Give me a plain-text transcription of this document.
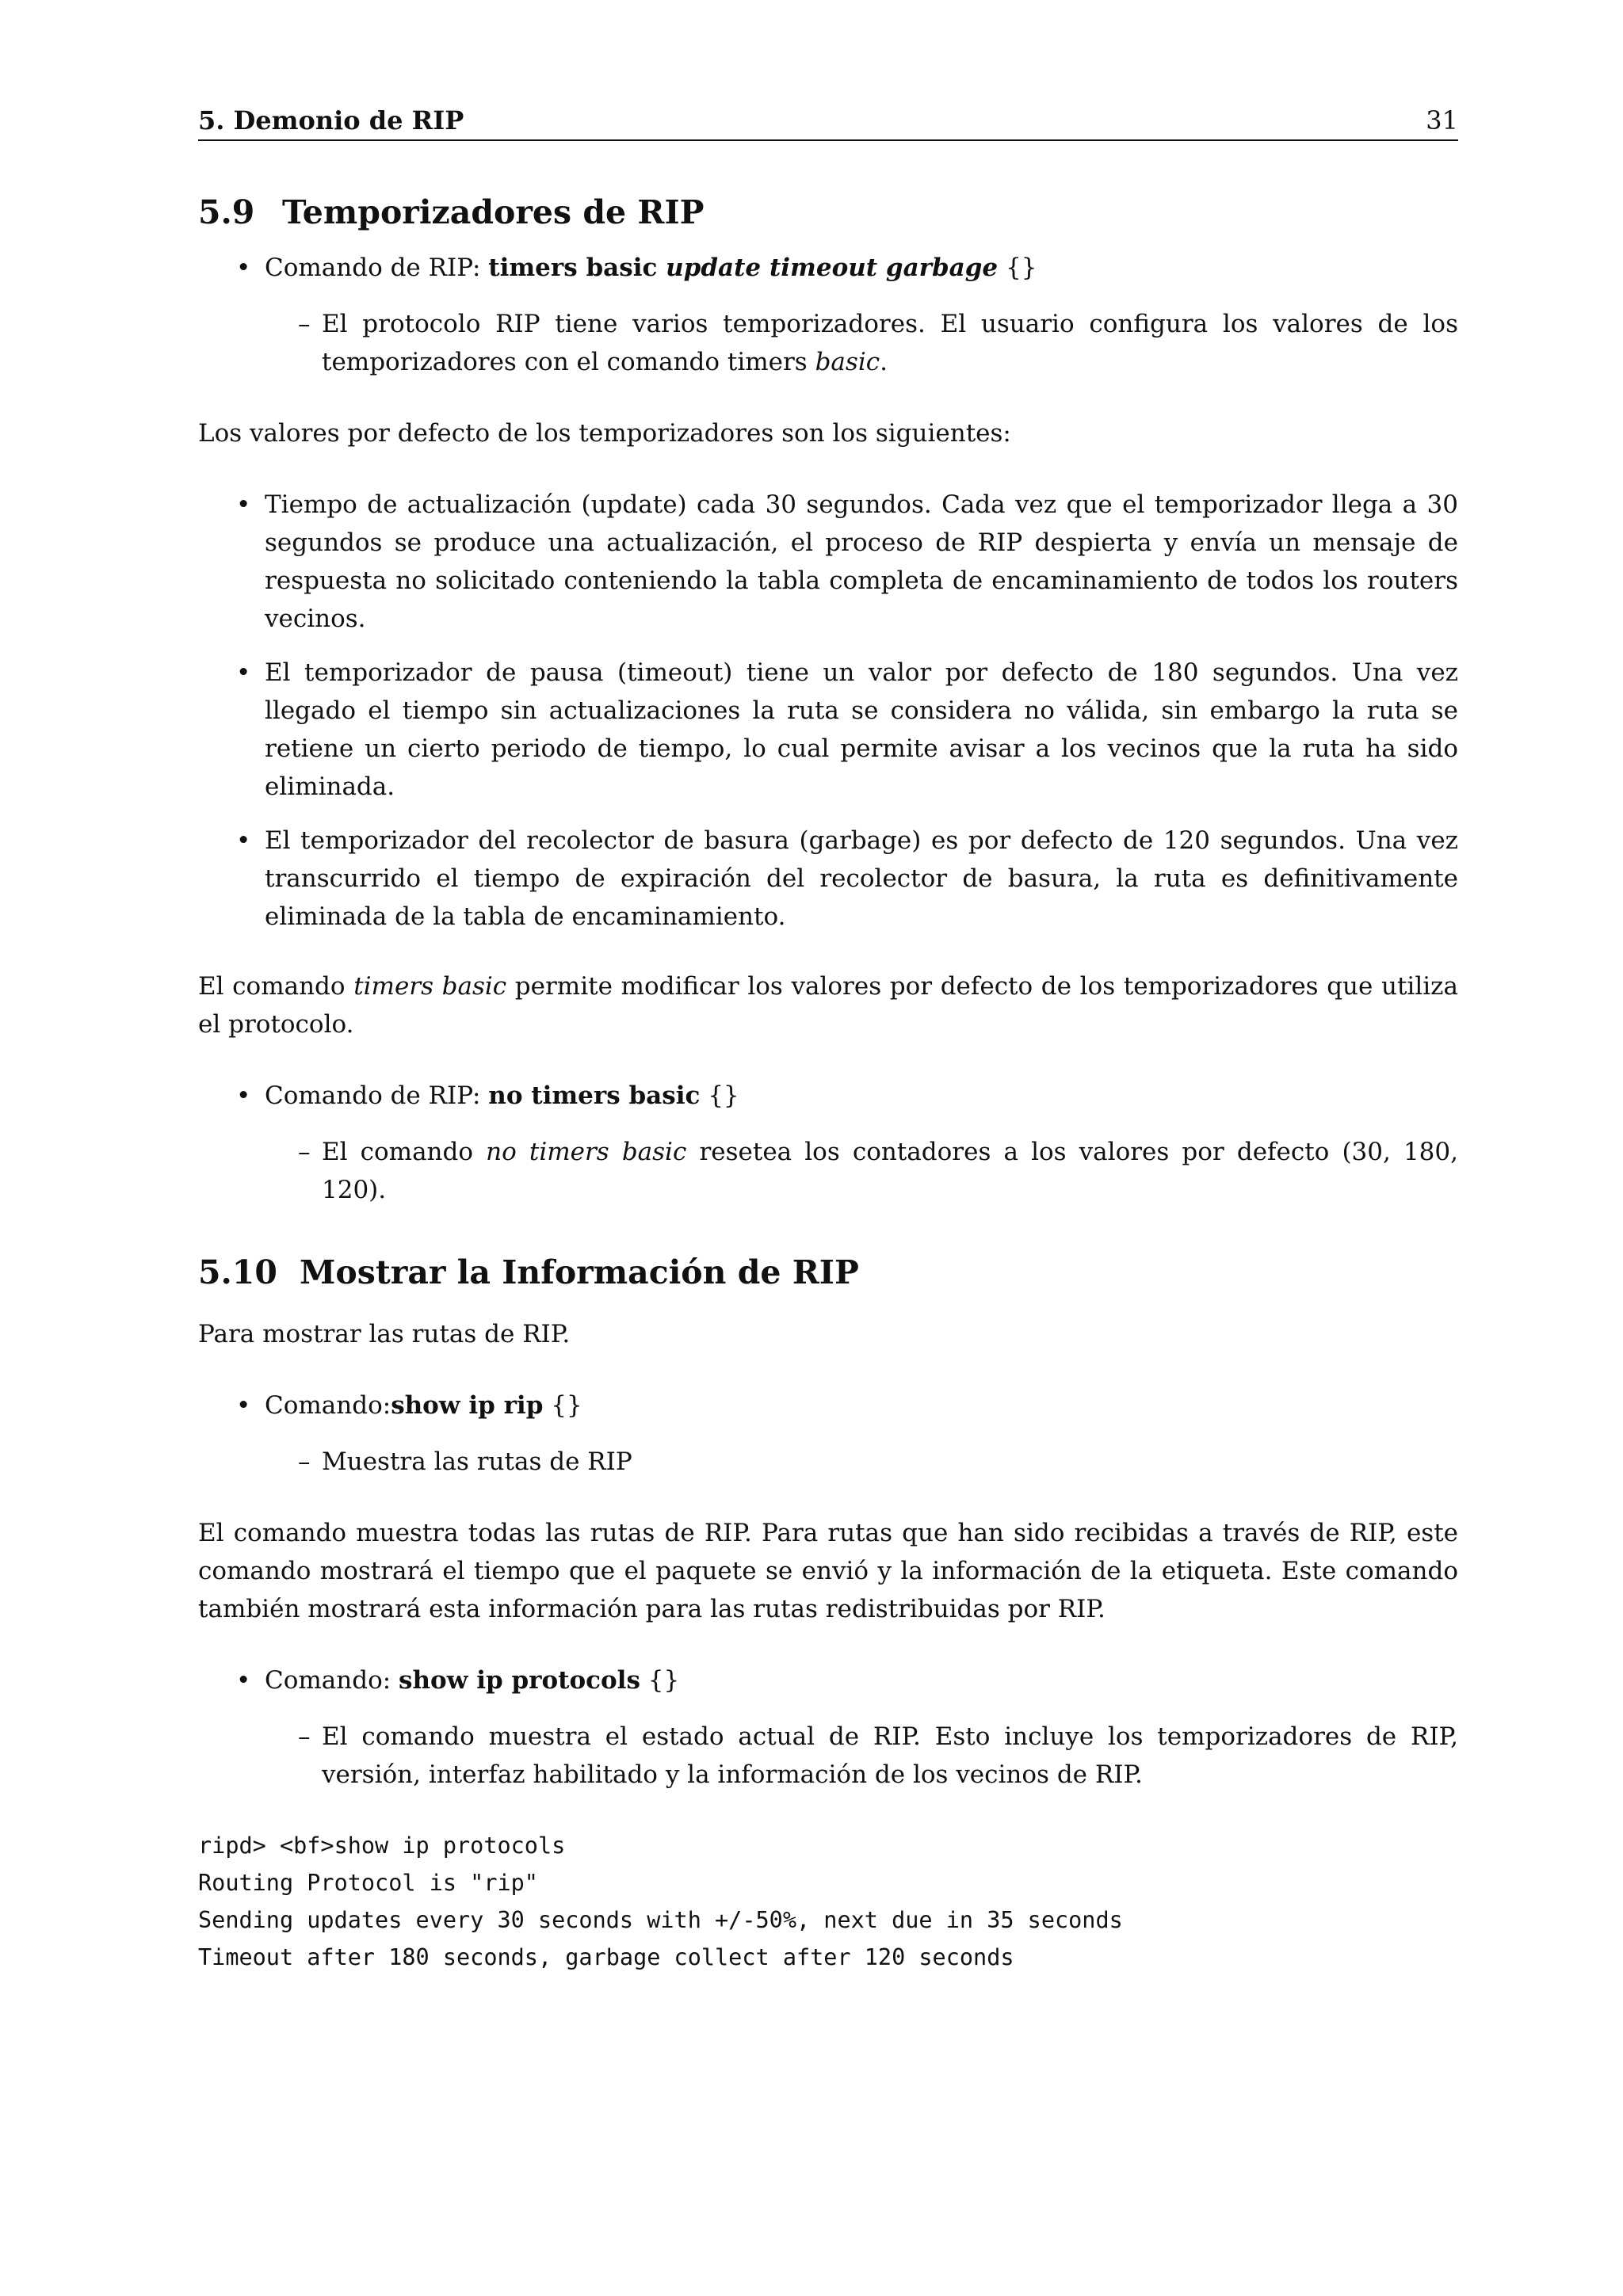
5. Demonio de RIP	31
5.9 Temporizadores de RIP
• Comando de RIP: timers basic update timeout garbage {}
– El protocolo RIP tiene varios temporizadores. El usuario configura los valores de los temporizadores con el comando timers basic.

Los valores por defecto de los temporizadores son los siguientes:

• Tiempo de actualización (update) cada 30 segundos. Cada vez que el temporizador llega a 30 segundos se produce una actualización, el proceso de RIP despierta y envía un mensaje de respuesta no solicitado conteniendo la tabla completa de encaminamiento de todos los routers vecinos.
• El temporizador de pausa (timeout) tiene un valor por defecto de 180 segundos. Una vez llegado el tiempo sin actualizaciones la ruta se considera no válida, sin embargo la ruta se retiene un cierto periodo de tiempo, lo cual permite avisar a los vecinos que la ruta ha sido eliminada.
• El temporizador del recolector de basura (garbage) es por defecto de 120 segundos. Una vez transcurrido el tiempo de expiración del recolector de basura, la ruta es definitivamente eliminada de la tabla de encaminamiento.

El comando timers basic permite modificar los valores por defecto de los temporizadores que utiliza el protocolo.

• Comando de RIP: no timers basic {}
– El comando no timers basic resetea los contadores a los valores por defecto (30, 180, 120).
5.10 Mostrar la Información de RIP

Para mostrar las rutas de RIP.

• Comando:show ip rip {}
– Muestra las rutas de RIP

El comando muestra todas las rutas de RIP. Para rutas que han sido recibidas a través de RIP, este comando mostrará el tiempo que el paquete se envió y la información de la etiqueta. Este comando también mostrará esta información para las rutas redistribuidas por RIP.

• Comando: show ip protocols {}
– El comando muestra el estado actual de RIP. Esto incluye los temporizadores de RIP, versión, interfaz habilitado y la información de los vecinos de RIP.
ripd> <bf>show ip protocols
Routing Protocol is "rip"
Sending updates every 30 seconds with +/-50%, next due in 35 seconds
Timeout after 180 seconds, garbage collect after 120 seconds
